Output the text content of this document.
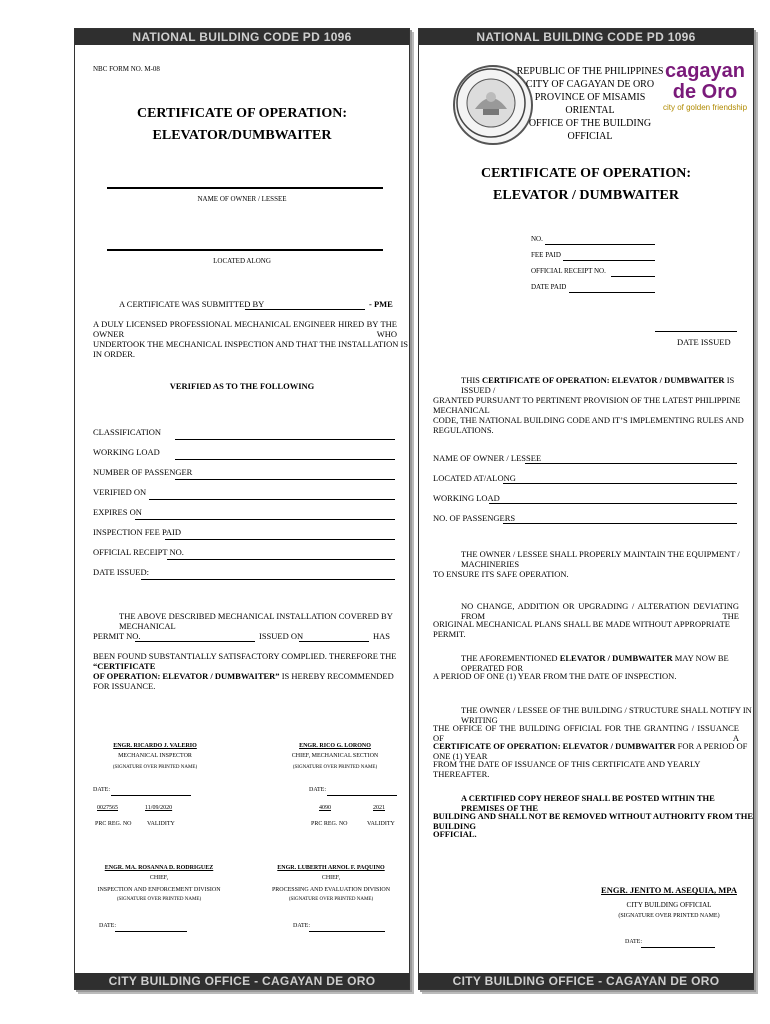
NATIONAL BUILDING CODE PD 1096
NBC FORM NO. M-08
CERTIFICATE OF OPERATION:
ELEVATOR/DUMBWAITER
NAME OF OWNER / LESSEE
LOCATED ALONG
A CERTIFICATE WAS SUBMITTED BY	- PME
A DULY LICENSED PROFESSIONAL MECHANICAL ENGINEER HIRED BY THE OWNER WHO
UNDERTOOK THE MECHANICAL INSPECTION AND THAT THE INSTALLATION IS IN ORDER.
VERIFIED AS TO THE FOLLOWING
CLASSIFICATION
WORKING LOAD
NUMBER OF PASSENGER
VERIFIED ON
EXPIRES ON
INSPECTION FEE PAID
OFFICIAL RECEIPT NO.
DATE ISSUED:
THE ABOVE DESCRIBED MECHANICAL INSTALLATION COVERED BY MECHANICAL
PERMIT NO.	ISSUED ON	HAS
BEEN FOUND SUBSTANTIALLY SATISFACTORY COMPLIED. THEREFORE THE “CERTIFICATE
OF OPERATION: ELEVATOR / DUMBWAITER” IS HEREBY RECOMMENDED FOR ISSUANCE.
ENGR. RICARDO J. VALERIO
MECHANICAL INSPECTOR
(SIGNATURE OVER PRINTED NAME)
DATE:
0027565	11/09/2020
PRC REG. NO	VALIDITY
ENGR. RICO G. LORONO
CHIEF, MECHANICAL SECTION
(SIGNATURE OVER PRINTED NAME)
DATE:
4090	2021
PRC REG. NO	VALIDITY
ENGR. MA. ROSANNA D. RODRIGUEZ
CHIEF,
INSPECTION AND ENFORCEMENT DIVISION
(SIGNATURE OVER PRINTED NAME)
DATE:
ENGR. LUBERTH ARNOL F. PAQUINO
CHIEF,
PROCESSING AND EVALUATION DIVISION
(SIGNATURE OVER PRINTED NAME)
DATE:
CITY BUILDING OFFICE - CAGAYAN DE ORO
NATIONAL BUILDING CODE PD 1096
REPUBLIC OF THE PHILIPPINES
CITY OF CAGAYAN DE ORO
PROVINCE OF MISAMIS ORIENTAL
OFFICE OF THE BUILDING OFFICIAL
cagayan
de Oro
city of golden friendship
CERTIFICATE OF OPERATION:
ELEVATOR / DUMBWAITER
NO.
FEE PAID
OFFICIAL RECEIPT NO.
DATE PAID
DATE ISSUED
THIS CERTIFICATE OF OPERATION: ELEVATOR / DUMBWAITER IS ISSUED /
GRANTED PURSUANT TO PERTINENT PROVISION OF THE LATEST PHILIPPINE MECHANICAL
CODE, THE NATIONAL BUILDING CODE AND IT’S IMPLEMENTING RULES AND REGULATIONS.
NAME OF OWNER / LESSEE
LOCATED AT/ALONG
WORKING LOAD
NO. OF PASSENGERS
THE OWNER / LESSEE SHALL PROPERLY MAINTAIN THE EQUIPMENT / MACHINERIES
TO ENSURE ITS SAFE OPERATION.
NO CHANGE, ADDITION OR UPGRADING / ALTERATION DEVIATING FROM THE
ORIGINAL MECHANICAL PLANS SHALL BE MADE WITHOUT APPROPRIATE PERMIT.
THE AFOREMENTIONED ELEVATOR / DUMBWAITER MAY NOW BE OPERATED FOR
A PERIOD OF ONE (1) YEAR FROM THE DATE OF INSPECTION.
THE OWNER / LESSEE OF THE BUILDING / STRUCTURE SHALL NOTIFY IN WRITING
THE OFFICE OF THE BUILDING OFFICIAL FOR THE GRANTING / ISSUANCE OF A
CERTIFICATE OF OPERATION: ELEVATOR / DUMBWAITER FOR A PERIOD OF ONE (1) YEAR
FROM THE DATE OF ISSUANCE OF THIS CERTIFICATE AND YEARLY THEREAFTER.
A CERTIFIED COPY HEREOF SHALL BE POSTED WITHIN THE PREMISES OF THE
BUILDING AND SHALL NOT BE REMOVED WITHOUT AUTHORITY FROM THE BUILDING
OFFICIAL.
ENGR. JENITO M. ASEQUIA, MPA
CITY BUILDING OFFICIAL
(SIGNATURE OVER PRINTED NAME)
DATE:
CITY BUILDING OFFICE - CAGAYAN DE ORO
